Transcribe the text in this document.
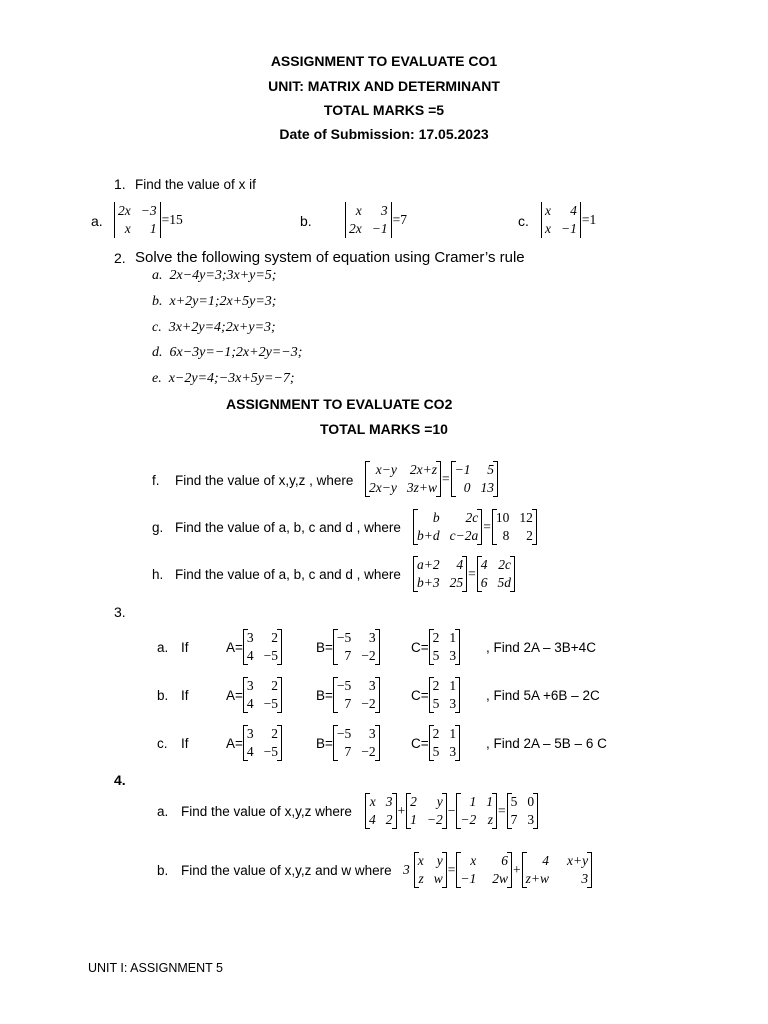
ASSIGNMENT TO EVALUATE CO1
UNIT: MATRIX AND DETERMINANT
TOTAL MARKS =5
Date of Submission: 17.05.2023
1. Find the value of x if
a.
2x −3
x	1
=15	b.
x	3
2x −1
=7	c.
x	4
x −1
=1
2. Solve the following system of equation using Cramer’s rule
a. 2x−4y=3;3x+y=5;
b. x+2y=1;2x+5y=3;
c. 3x+2y=4;2x+y=3;
d. 6x−3y=−1;2x+2y=−3;
e. x−2y=4;−3x+5y=−7;
ASSIGNMENT TO EVALUATE CO2
TOTAL MARKS =10
f. Find the value of x,y,z , where
x−y 2x+z
2x−y 3z+w
=
−1	5
0 13
g. Find the value of a, b, c and d , where
b	2c
b+d c−2a
=
10 12
8	2
h. Find the value of a, b, c and d , where
a+2	4
b+3 25
=
4 2c
6 5d
3.
a. If	A=
3	2
4 −5
B=
−5	3
7 −2
C=
2 1
5 3
, Find 2A – 3B+4C
b. If	A=
3	2
4 −5
B=
−5	3
7 −2
C=
2 1
5 3
, Find 5A +6B – 2C
c. If	A=
3	2
4 −5
B=
−5	3
7 −2
C=
2 1
5 3
, Find 2A – 5B – 6 C
4.
a. Find the value of x,y,z where
x 3
4 2
+
2	y
1 −2
−
1 1
−2 z
=
5 0
7 3
b. Find the value of x,y,z and w where 3
x y
z w
=
x	6
−1 2w
+
4 x+y
z+w	3
UNIT I: ASSIGNMENT 5
